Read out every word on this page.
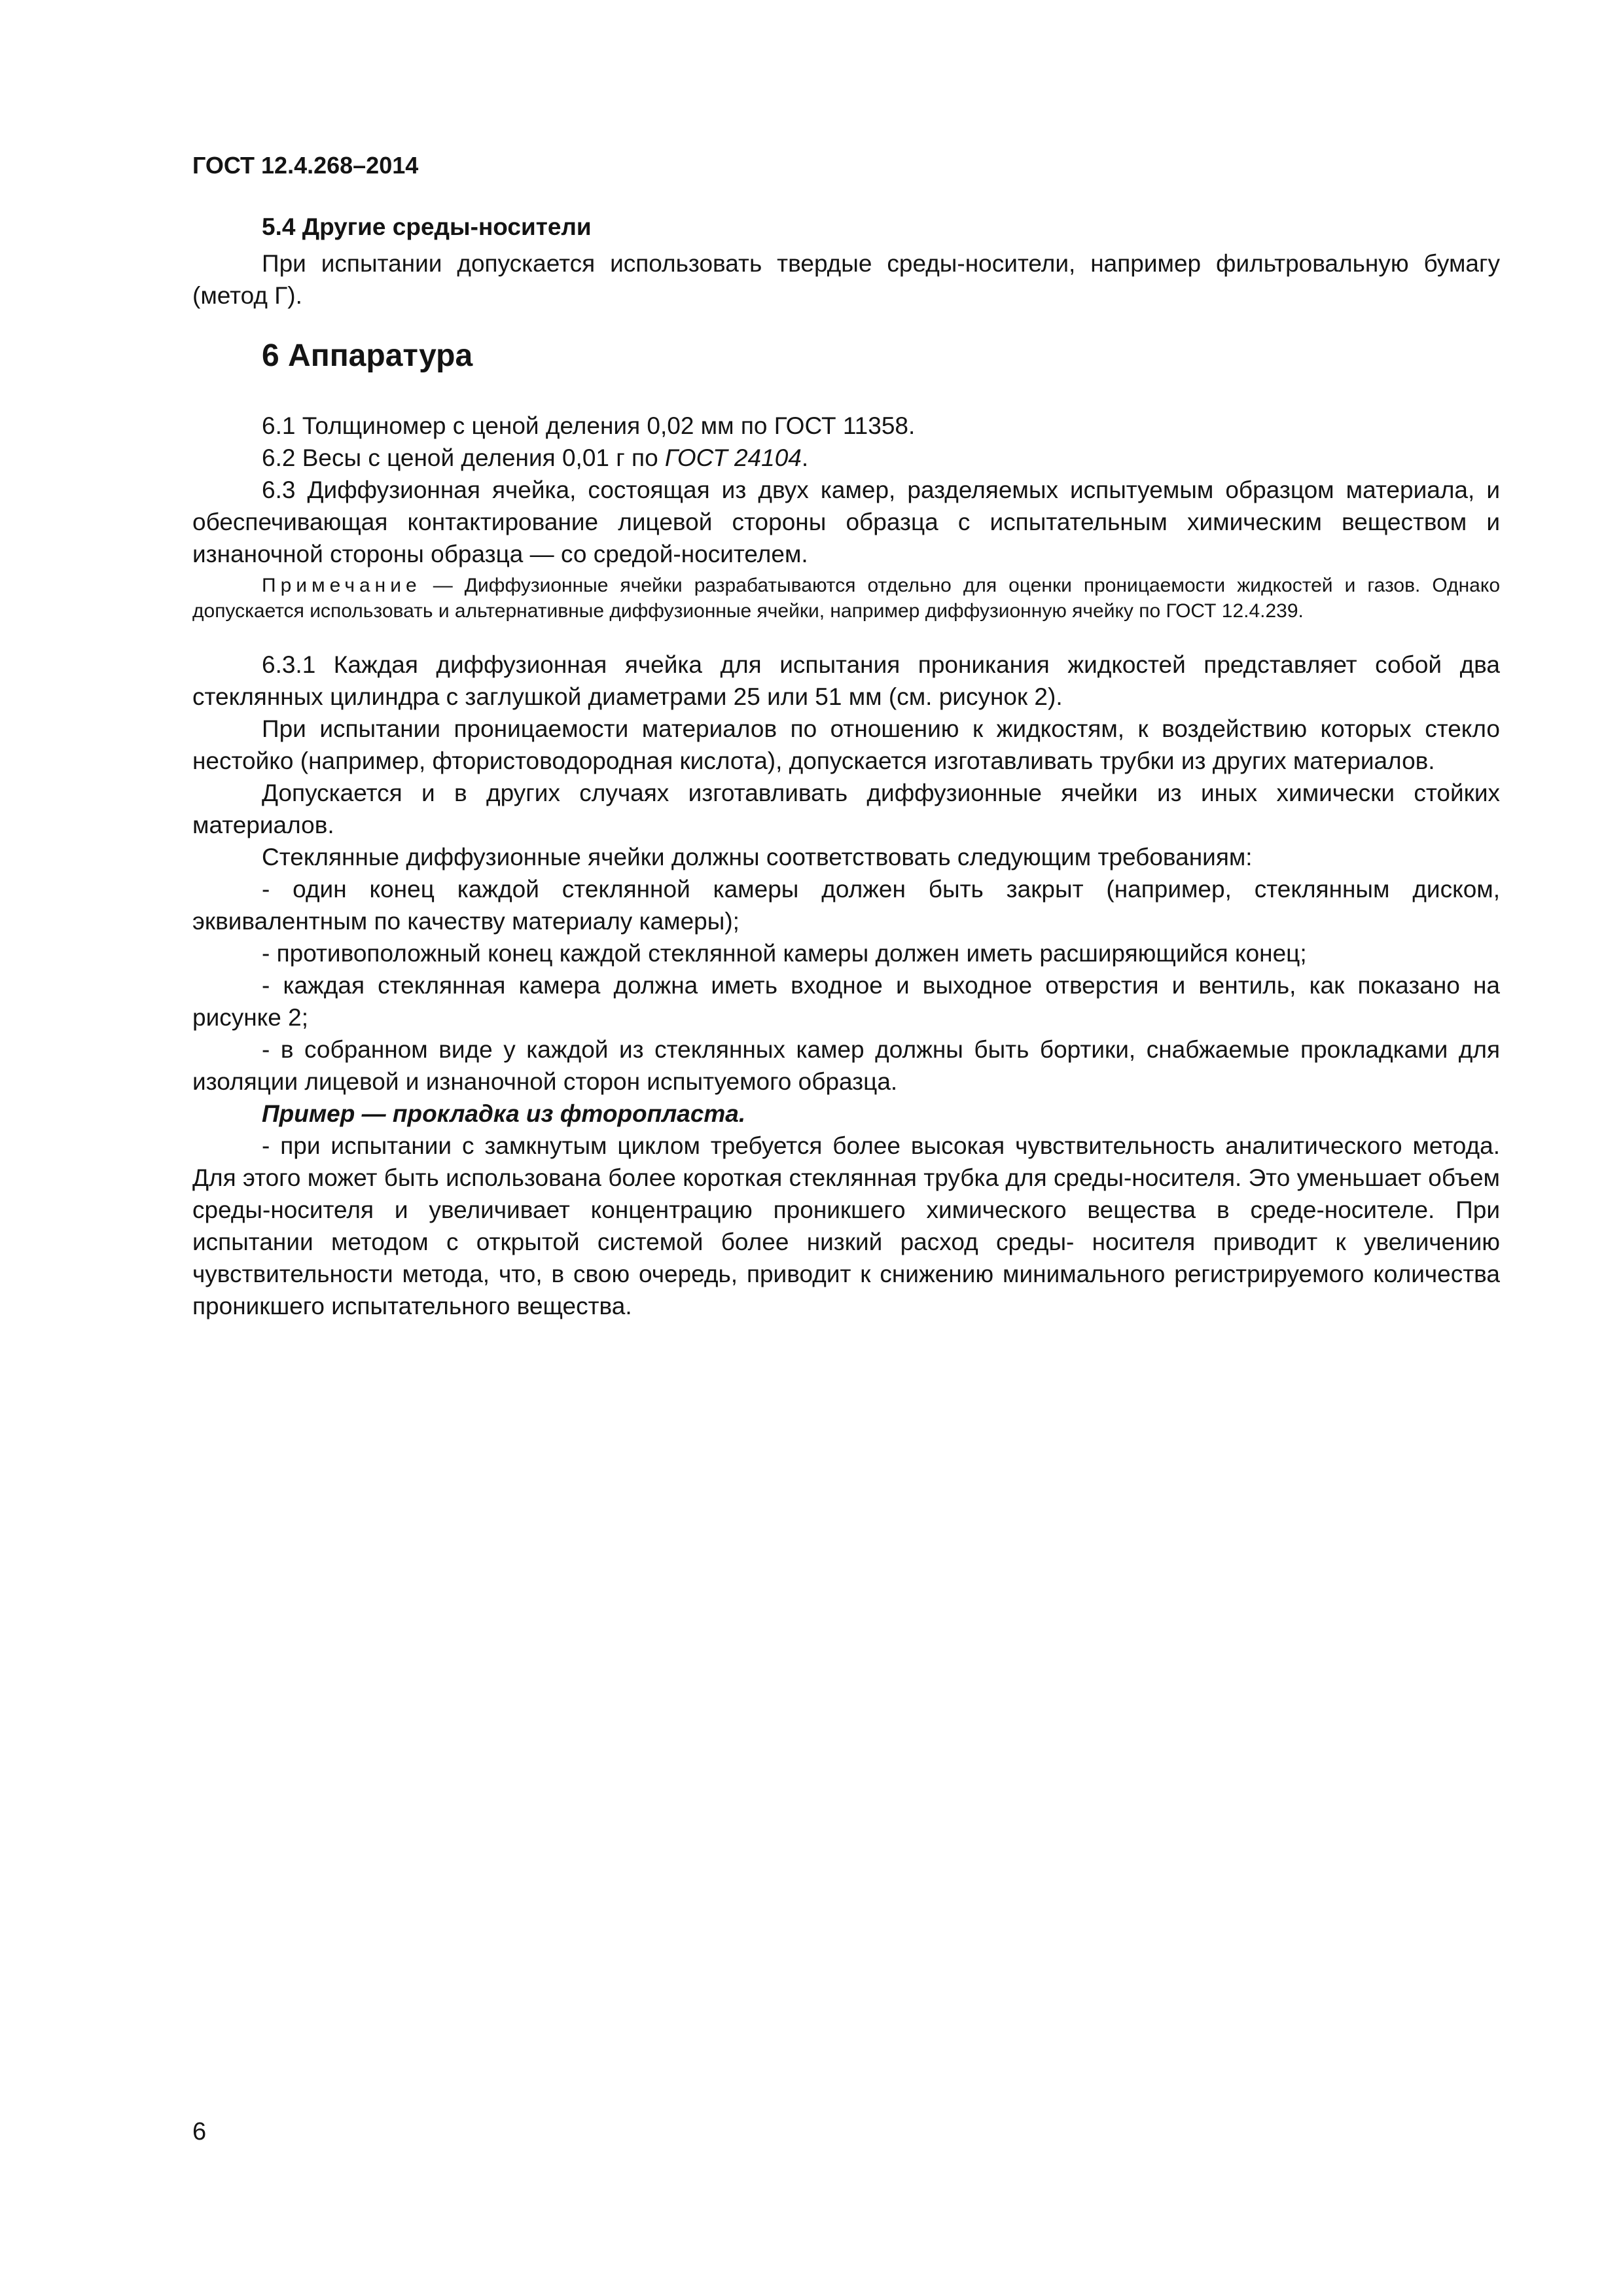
ГОСТ 12.4.268–2014
5.4 Другие среды-носители

При испытании допускается использовать твердые среды-носители, например фильтровальную бумагу (метод Г).

6 Аппаратура

6.1 Толщиномер с ценой деления 0,02 мм по ГОСТ 11358.

6.2 Весы с ценой деления 0,01 г по ГОСТ 24104.

6.3 Диффузионная ячейка, состоящая из двух камер, разделяемых испытуемым образцом материала, и обеспечивающая контактирование лицевой стороны образца с испытательным химическим веществом и изнаночной стороны образца — со средой-носителем.

Примечание — Диффузионные ячейки разрабатываются отдельно для оценки проницаемости жидкостей и газов. Однако допускается использовать и альтернативные диффузионные ячейки, например диффузионную ячейку по ГОСТ 12.4.239.

6.3.1 Каждая диффузионная ячейка для испытания проникания жидкостей представляет собой два стеклянных цилиндра с заглушкой диаметрами 25 или 51 мм (см. рисунок 2).

При испытании проницаемости материалов по отношению к жидкостям, к воздействию которых стекло нестойко (например, фтористоводородная кислота), допускается изготавливать трубки из других материалов.

Допускается и в других случаях изготавливать диффузионные ячейки из иных химически стойких материалов.

Стеклянные диффузионные ячейки должны соответствовать следующим требованиям:

- один конец каждой стеклянной камеры должен быть закрыт (например, стеклянным диском, эквивалентным по качеству материалу камеры);

- противоположный конец каждой стеклянной камеры должен иметь расширяющийся конец;

- каждая стеклянная камера должна иметь входное и выходное отверстия и вентиль, как показано на рисунке 2;

- в собранном виде у каждой из стеклянных камер должны быть бортики, снабжаемые прокладками для изоляции лицевой и изнаночной сторон испытуемого образца.

Пример — прокладка из фторопласта.

- при испытании с замкнутым циклом требуется более высокая чувствительность аналитического метода. Для этого может быть использована более короткая стеклянная трубка для среды-носителя. Это уменьшает объем среды-носителя и увеличивает концентрацию проникшего химического вещества в среде-носителе. При испытании методом с открытой системой более низкий расход среды- носителя приводит к увеличению чувствительности метода, что, в свою очередь, приводит к снижению минимального регистрируемого количества проникшего испытательного вещества.

6
